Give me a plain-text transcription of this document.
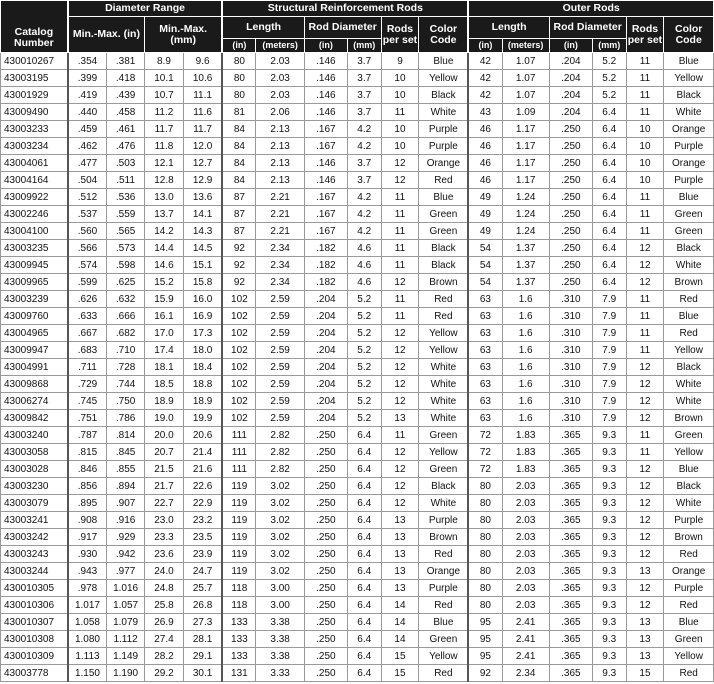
Catalog Number	Diameter Range				Structural Reinforcement Rods						Outer Rods					
	Min.-Max. (in)		Min.-Max. (mm)		Length		Rod Diameter		Rods per set	Color Code	Length		Rod Diameter		Rods per set	Color Code
					(in)	(meters)	(in)	(mm)			(in)	(meters)	(in)	(mm)		
430010267	.354	.381	8.9	9.6	80	2.03	.146	3.7	9	Blue	42	1.07	.204	5.2	11	Blue
43003195	.399	.418	10.1	10.6	80	2.03	.146	3.7	10	Yellow	42	1.07	.204	5.2	11	Yellow
43001929	.419	.439	10.7	11.1	80	2.03	.146	3.7	10	Black	42	1.07	.204	5.2	11	Black
43009490	.440	.458	11.2	11.6	81	2.06	.146	3.7	11	White	43	1.09	.204	6.4	11	White
43003233	.459	.461	11.7	11.7	84	2.13	.167	4.2	10	Purple	46	1.17	.250	6.4	10	Orange
43003234	.462	.476	11.8	12.0	84	2.13	.167	4.2	10	Purple	46	1.17	.250	6.4	10	Purple
43004061	.477	.503	12.1	12.7	84	2.13	.146	3.7	12	Orange	46	1.17	.250	6.4	10	Orange
43004164	.504	.511	12.8	12.9	84	2.13	.146	3.7	12	Red	46	1.17	.250	6.4	10	Purple
43009922	.512	.536	13.0	13.6	87	2.21	.167	4.2	11	Blue	49	1.24	.250	6.4	11	Blue
43002246	.537	.559	13.7	14.1	87	2.21	.167	4.2	11	Green	49	1.24	.250	6.4	11	Green
43004100	.560	.565	14.2	14.3	87	2.21	.167	4.2	11	Green	49	1.24	.250	6.4	11	Green
43003235	.566	.573	14.4	14.5	92	2.34	.182	4.6	11	Black	54	1.37	.250	6.4	12	Black
43009945	.574	.598	14.6	15.1	92	2.34	.182	4.6	11	Black	54	1.37	.250	6.4	12	White
43009965	.599	.625	15.2	15.8	92	2.34	.182	4.6	12	Brown	54	1.37	.250	6.4	12	Brown
43003239	.626	.632	15.9	16.0	102	2.59	.204	5.2	11	Red	63	1.6	.310	7.9	11	Red
43009760	.633	.666	16.1	16.9	102	2.59	.204	5.2	11	Red	63	1.6	.310	7.9	11	Blue
43004965	.667	.682	17.0	17.3	102	2.59	.204	5.2	12	Yellow	63	1.6	.310	7.9	11	Red
43009947	.683	.710	17.4	18.0	102	2.59	.204	5.2	12	Yellow	63	1.6	.310	7.9	11	Yellow
43004991	.711	.728	18.1	18.4	102	2.59	.204	5.2	12	White	63	1.6	.310	7.9	12	Black
43009868	.729	.744	18.5	18.8	102	2.59	.204	5.2	12	White	63	1.6	.310	7.9	12	White
43006274	.745	.750	18.9	18.9	102	2.59	.204	5.2	12	White	63	1.6	.310	7.9	12	White
43009842	.751	.786	19.0	19.9	102	2.59	.204	5.2	13	White	63	1.6	.310	7.9	12	Brown
43003240	.787	.814	20.0	20.6	111	2.82	.250	6.4	11	Green	72	1.83	.365	9.3	11	Green
43003058	.815	.845	20.7	21.4	111	2.82	.250	6.4	12	Yellow	72	1.83	.365	9.3	11	Yellow
43003028	.846	.855	21.5	21.6	111	2.82	.250	6.4	12	Green	72	1.83	.365	9.3	12	Blue
43003230	.856	.894	21.7	22.6	119	3.02	.250	6.4	12	Black	80	2.03	.365	9.3	12	Black
43003079	.895	.907	22.7	22.9	119	3.02	.250	6.4	12	White	80	2.03	.365	9.3	12	White
43003241	.908	.916	23.0	23.2	119	3.02	.250	6.4	13	Purple	80	2.03	.365	9.3	12	Purple
43003242	.917	.929	23.3	23.5	119	3.02	.250	6.4	13	Brown	80	2.03	.365	9.3	12	Brown
43003243	.930	.942	23.6	23.9	119	3.02	.250	6.4	13	Red	80	2.03	.365	9.3	12	Red
43003244	.943	.977	24.0	24.7	119	3.02	.250	6.4	13	Orange	80	2.03	.365	9.3	13	Orange
430010305	.978	1.016	24.8	25.7	118	3.00	.250	6.4	13	Purple	80	2.03	.365	9.3	12	Purple
430010306	1.017	1.057	25.8	26.8	118	3.00	.250	6.4	14	Red	80	2.03	.365	9.3	12	Red
430010307	1.058	1.079	26.9	27.3	133	3.38	.250	6.4	14	Blue	95	2.41	.365	9.3	13	Blue
430010308	1.080	1.112	27.4	28.1	133	3.38	.250	6.4	14	Green	95	2.41	.365	9.3	13	Green
430010309	1.113	1.149	28.2	29.1	133	3.38	.250	6.4	15	Yellow	95	2.41	.365	9.3	13	Yellow
43003778	1.150	1.190	29.2	30.1	131	3.33	.250	6.4	15	Red	92	2.34	.365	9.3	15	Red
